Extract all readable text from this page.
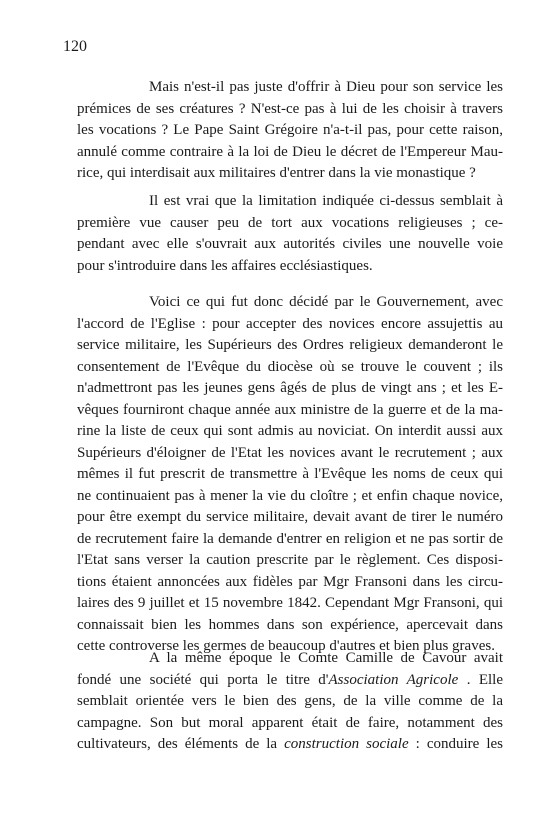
120
Mais n'est-il pas juste d'offrir à Dieu pour son service les
prémices de ses créatures ? N'est-ce pas à lui de les choisir à travers
les vocations ? Le Pape Saint Grégoire n'a-t-il pas, pour cette raison,
annulé comme contraire à la loi de Dieu le décret de l'Empereur Mau-
rice, qui interdisait aux militaires d'entrer dans la vie monastique ?
Il est vrai que la limitation indiquée ci-dessus semblait à
première vue causer peu de tort aux vocations religieuses ; ce-
pendant avec elle s'ouvrait aux autorités civiles une nouvelle voie
pour s'introduire dans les affaires ecclésiastiques.
Voici ce qui fut donc décidé par le Gouvernement, avec
l'accord de l'Eglise : pour accepter des novices encore assujettis au
service militaire, les Supérieurs des Ordres religieux demanderont le
consentement de l'Evêque du diocèse où se trouve le couvent ; ils
n'admettront pas les jeunes gens âgés de plus de vingt ans ; et les E-
vêques fourniront chaque année aux ministre de la guerre et de la ma-
rine la liste de ceux qui sont admis au noviciat. On interdit aussi aux
Supérieurs d'éloigner de l'Etat les novices avant le recrutement ; aux
mêmes il fut prescrit de transmettre à l'Evêque les noms de ceux qui
ne continuaient pas à mener la vie du cloître ; et enfin chaque novice,
pour être exempt du service militaire, devait avant de tirer le numéro
de recrutement faire la demande d'entrer en religion et ne pas sortir de
l'Etat sans verser la caution prescrite par le règlement. Ces disposi-
tions étaient annoncées aux fidèles par Mgr Fransoni dans les circu-
laires des 9 juillet et 15 novembre 1842. Cependant Mgr Fransoni, qui
connaissait bien les hommes dans son expérience, apercevait dans
cette controverse les germes de beaucoup d'autres et bien plus graves.
A la même époque le Comte Camille de Cavour avait
fondé une société qui porta le titre d'Association Agricole . Elle
semblait orientée vers le bien des gens, de la ville comme de la
campagne. Son but moral apparent était de faire, notamment des
cultivateurs, des éléments de la construction sociale : conduire les
